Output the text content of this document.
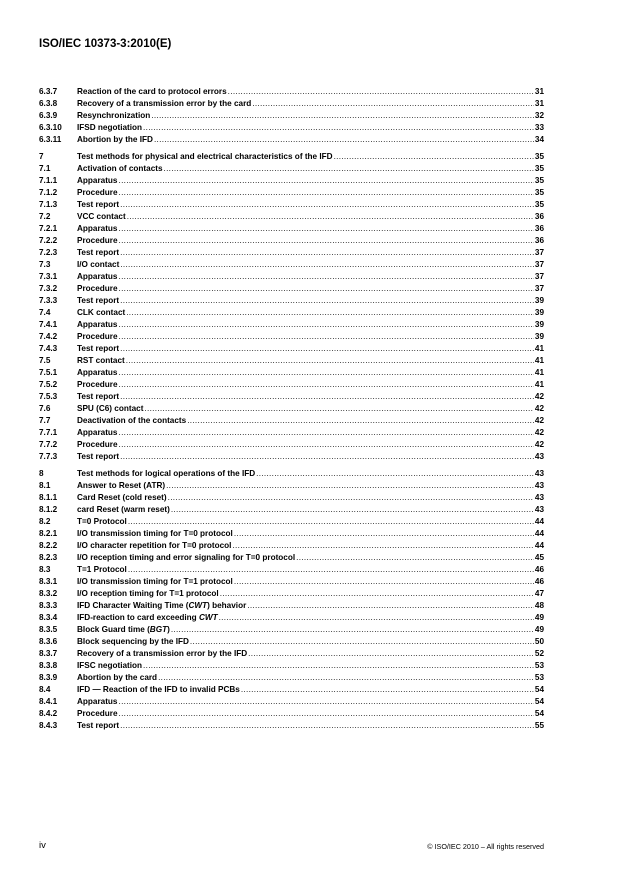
ISO/IEC 10373-3:2010(E)
6.3.7	Reaction of the card to protocol errors .....	31
6.3.8	Recovery of a transmission error by the card .....	31
6.3.9	Resynchronization .....	32
6.3.10	IFSD negotiation .....	33
6.3.11	Abortion by the IFD .....	34
7	Test methods for physical and electrical characteristics of the IFD .....	35
7.1	Activation of contacts .....	35
7.1.1	Apparatus .....	35
7.1.2	Procedure .....	35
7.1.3	Test report .....	35
7.2	VCC contact .....	36
7.2.1	Apparatus .....	36
7.2.2	Procedure .....	36
7.2.3	Test report .....	37
7.3	I/O contact .....	37
7.3.1	Apparatus .....	37
7.3.2	Procedure .....	37
7.3.3	Test report .....	39
7.4	CLK contact .....	39
7.4.1	Apparatus .....	39
7.4.2	Procedure .....	39
7.4.3	Test report .....	41
7.5	RST contact .....	41
7.5.1	Apparatus .....	41
7.5.2	Procedure .....	41
7.5.3	Test report .....	42
7.6	SPU (C6) contact .....	42
7.7	Deactivation of the contacts .....	42
7.7.1	Apparatus .....	42
7.7.2	Procedure .....	42
7.7.3	Test report .....	43
8	Test methods for logical operations of the IFD .....	43
8.1	Answer to Reset (ATR) .....	43
8.1.1	Card Reset (cold reset) .....	43
8.1.2	card Reset (warm reset) .....	43
8.2	T=0 Protocol .....	44
8.2.1	I/O transmission timing for T=0 protocol .....	44
8.2.2	I/O character repetition for T=0 protocol .....	44
8.2.3	I/O reception timing and error signaling for T=0 protocol .....	45
8.3	T=1 Protocol .....	46
8.3.1	I/O transmission timing for T=1 protocol .....	46
8.3.2	I/O reception timing for T=1 protocol .....	47
8.3.3	IFD Character Waiting Time (CWT) behavior .....	48
8.3.4	IFD-reaction to card exceeding CWT .....	49
8.3.5	Block Guard time (BGT) .....	49
8.3.6	Block sequencing by the IFD .....	50
8.3.7	Recovery of a transmission error by the IFD .....	52
8.3.8	IFSC negotiation .....	53
8.3.9	Abortion by the card .....	53
8.4	IFD — Reaction of the IFD to invalid PCBs .....	54
8.4.1	Apparatus .....	54
8.4.2	Procedure .....	54
8.4.3	Test report .....	55
iv	© ISO/IEC 2010 – All rights reserved
